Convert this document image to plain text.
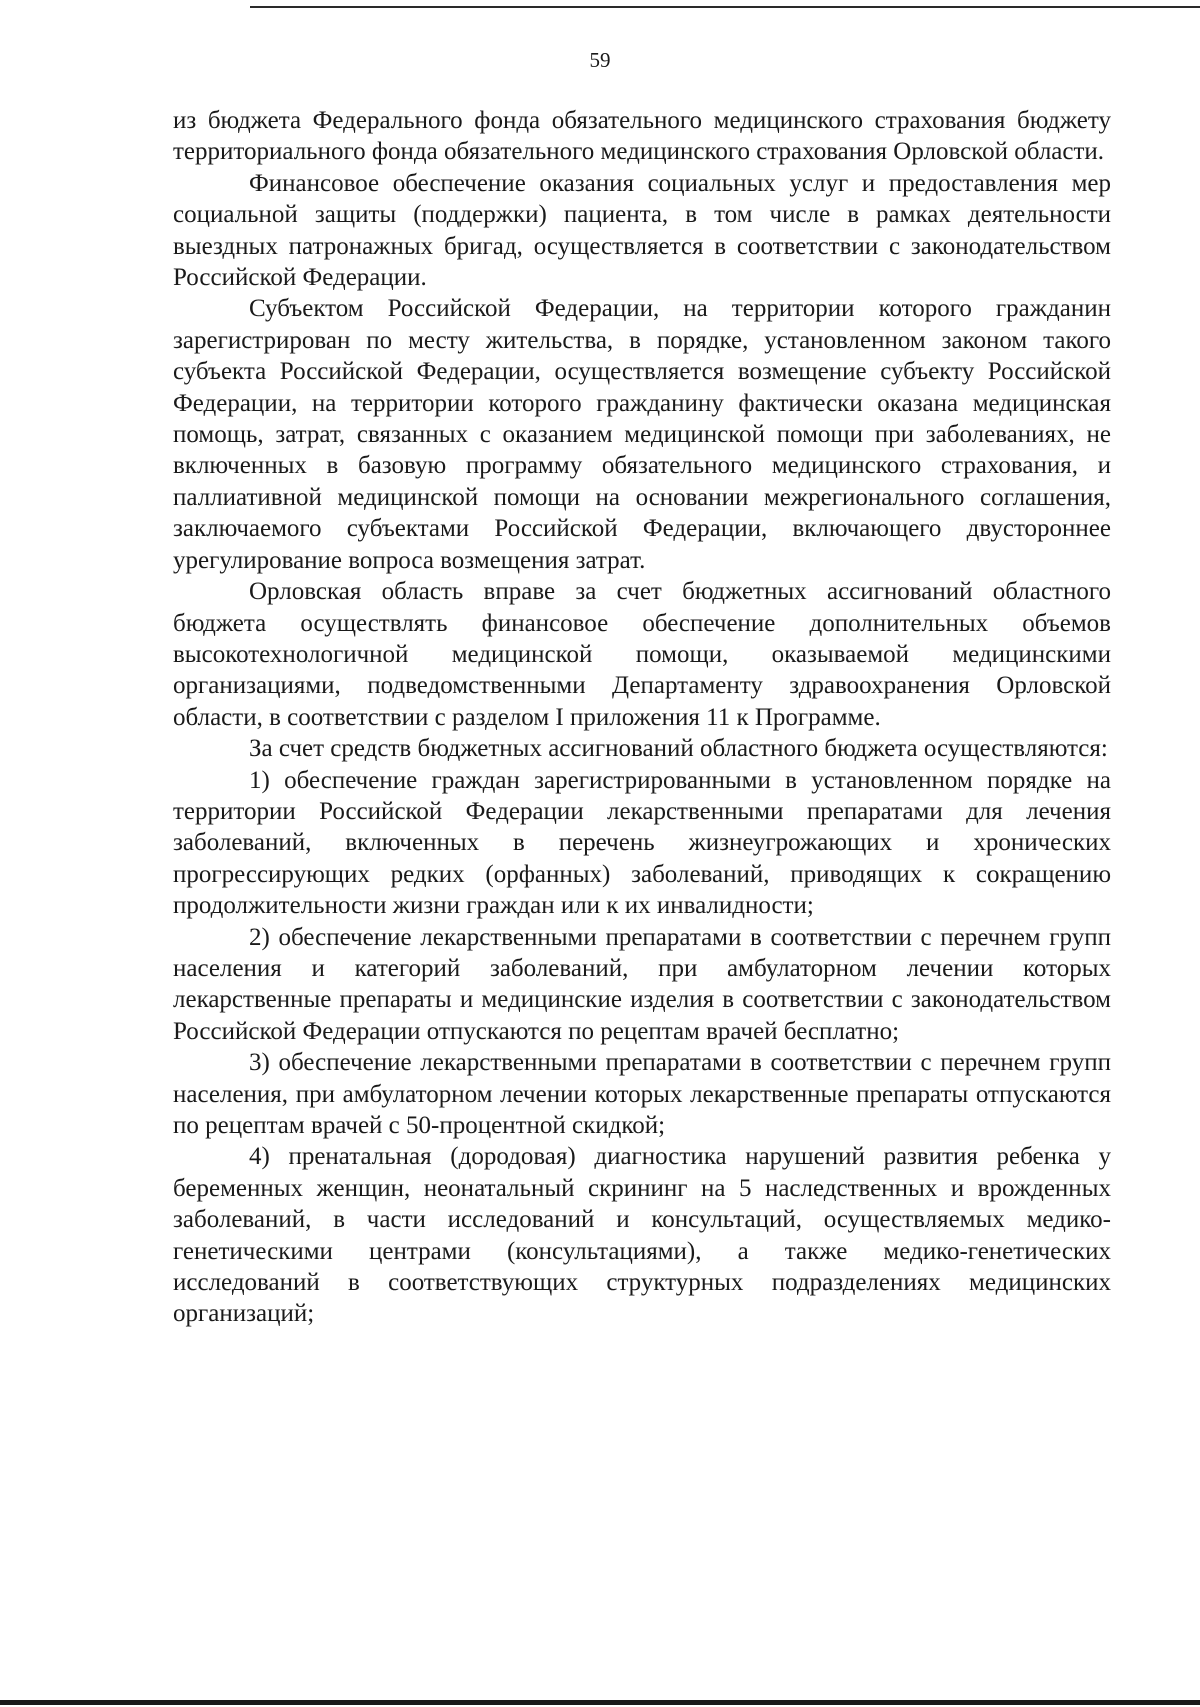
59

из бюджета Федерального фонда обязательного медицинского страхования бюджету территориального фонда обязательного медицинского страхования Орловской области.

Финансовое обеспечение оказания социальных услуг и предоставления мер социальной защиты (поддержки) пациента, в том числе в рамках деятельности выездных патронажных бригад, осуществляется в соответствии с законодательством Российской Федерации.

Субъектом Российской Федерации, на территории которого гражданин зарегистрирован по месту жительства, в порядке, установленном законом такого субъекта Российской Федерации, осуществляется возмещение субъекту Российской Федерации, на территории которого гражданину фактически оказана медицинская помощь, затрат, связанных с оказанием медицинской помощи при заболеваниях, не включенных в базовую программу обязательного медицинского страхования, и паллиативной медицинской помощи на основании межрегионального соглашения, заключаемого субъектами Российской Федерации, включающего двустороннее урегулирование вопроса возмещения затрат.

Орловская область вправе за счет бюджетных ассигнований областного бюджета осуществлять финансовое обеспечение дополнительных объемов высокотехнологичной медицинской помощи, оказываемой медицинскими организациями, подведомственными Департаменту здравоохранения Орловской области, в соответствии с разделом I приложения 11 к Программе.

За счет средств бюджетных ассигнований областного бюджета осуществляются:

1) обеспечение граждан зарегистрированными в установленном порядке на территории Российской Федерации лекарственными препаратами для лечения заболеваний, включенных в перечень жизнеугрожающих и хронических прогрессирующих редких (орфанных) заболеваний, приводящих к сокращению продолжительности жизни граждан или к их инвалидности;

2) обеспечение лекарственными препаратами в соответствии с перечнем групп населения и категорий заболеваний, при амбулаторном лечении которых лекарственные препараты и медицинские изделия в соответствии с законодательством Российской Федерации отпускаются по рецептам врачей бесплатно;

3) обеспечение лекарственными препаратами в соответствии с перечнем групп населения, при амбулаторном лечении которых лекарственные препараты отпускаются по рецептам врачей с 50-процентной скидкой;

4) пренатальная (дородовая) диагностика нарушений развития ребенка у беременных женщин, неонатальный скрининг на 5 наследственных и врожденных заболеваний, в части исследований и консультаций, осуществляемых медико-генетическими центрами (консультациями), а также медико-генетических исследований в соответствующих структурных подразделениях медицинских организаций;
